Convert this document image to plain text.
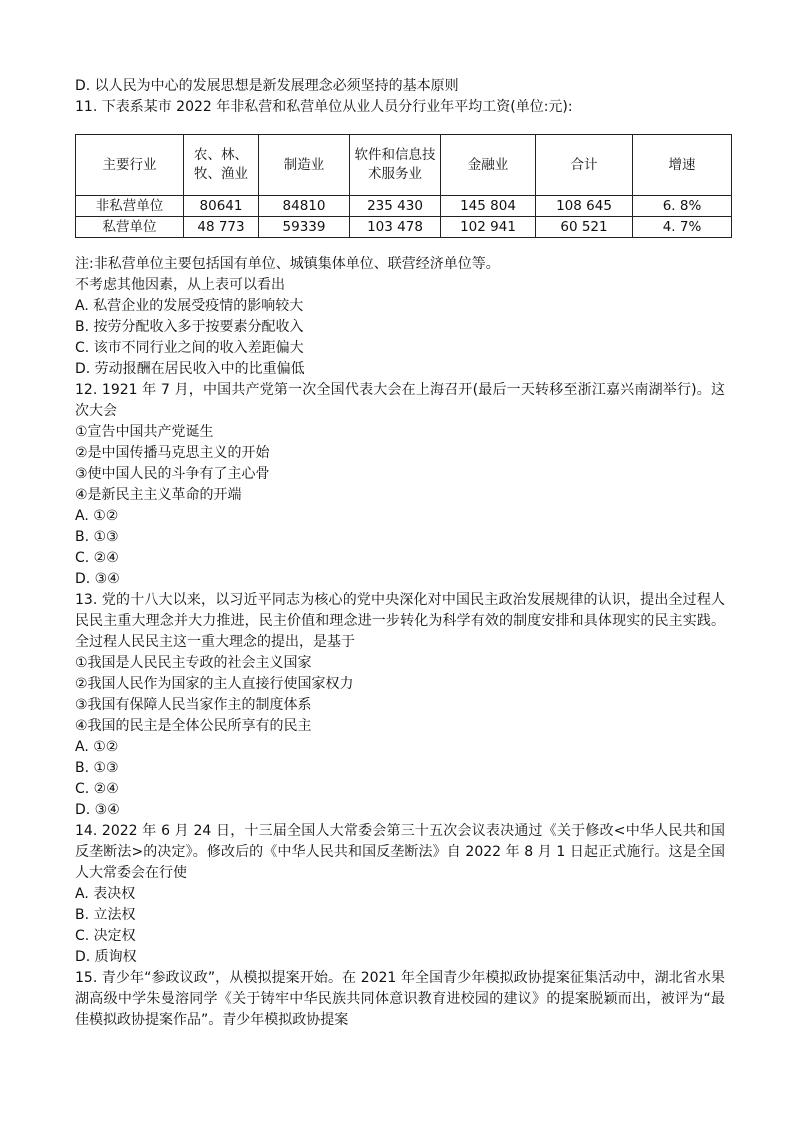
D. 以人民为中心的发展思想是新发展理念必须坚持的基本原则
11. 下表系某市 2022 年非私营和私营单位从业人员分行业年平均工资(单位:元):
主要行业	农、林、牧、渔业	制造业	软件和信息技术服务业	金融业	合计	增速
非私营单位	80641	84810	235 430	145 804	108 645	6. 8%
私营单位	48 773	59339	103 478	102 941	60 521	4. 7%
注:非私营单位主要包括国有单位、城镇集体单位、联营经济单位等。
不考虑其他因素，从上表可以看出
A. 私营企业的发展受疫情的影响较大
B. 按劳分配收入多于按要素分配收入
C. 该市不同行业之间的收入差距偏大
D. 劳动报酬在居民收入中的比重偏低
12. 1921 年 7 月，中国共产党第一次全国代表大会在上海召开(最后一天转移至浙江嘉兴南湖举行)。这次大会
①宣告中国共产党诞生
②是中国传播马克思主义的开始
③使中国人民的斗争有了主心骨
④是新民主主义革命的开端
A. ①②
B. ①③
C. ②④
D. ③④
13. 党的十八大以来，以习近平同志为核心的党中央深化对中国民主政治发展规律的认识，提出全过程人民民主重大理念并大力推进，民主价值和理念进一步转化为科学有效的制度安排和具体现实的民主实践。全过程人民民主这一重大理念的提出，是基于
①我国是人民民主专政的社会主义国家
②我国人民作为国家的主人直接行使国家权力
③我国有保障人民当家作主的制度体系
④我国的民主是全体公民所享有的民主
A. ①②
B. ①③
C. ②④
D. ③④
14. 2022 年 6 月 24 日，十三届全国人大常委会第三十五次会议表决通过《关于修改<中华人民共和国反垄断法>的决定》。修改后的《中华人民共和国反垄断法》自 2022 年 8 月 1 日起正式施行。这是全国人大常委会在行使
A. 表决权
B. 立法权
C. 决定权
D. 质询权
15. 青少年“参政议政”，从模拟提案开始。在 2021 年全国青少年模拟政协提案征集活动中，湖北省水果湖高级中学朱曼溶同学《关于铸牢中华民族共同体意识教育进校园的建议》的提案脱颖而出，被评为“最佳模拟政协提案作品”。青少年模拟政协提案
